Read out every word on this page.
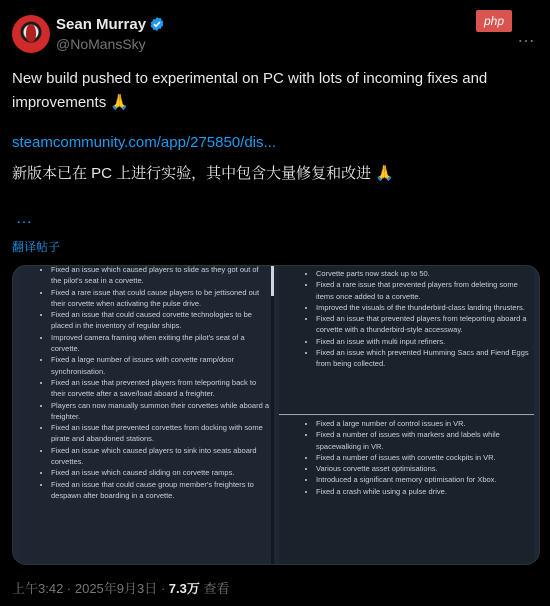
Sean Murray
@NoMansSky
php
…
New build pushed to experimental on PC with lots of incoming fixes and improvements 🙏
steamcommunity.com/app/275850/dis...
新版本已在 PC 上进行实验，其中包含大量修复和改进 🙏
…
翻译帖子
• Fixed an issue which caused players to slide as they got out of the pilot's seat in a corvette.
• Fixed a rare issue that could cause players to be jettisoned out their corvette when activating the pulse drive.
• Fixed an issue that could caused corvette technologies to be placed in the inventory of regular ships.
• Improved camera framing when exiting the pilot's seat of a corvette.
• Fixed a large number of issues with corvette ramp/door synchronisation.
• Fixed an issue that prevented players from teleporting back to their corvette after a save/load aboard a freighter.
• Players can now manually summon their corvettes while aboard a freighter.
• Fixed an issue that prevented corvettes from docking with some pirate and abandoned stations.
• Fixed an issue which caused players to sink into seats aboard corvettes.
• Fixed an issue which caused sliding on corvette ramps.
• Fixed an issue that could cause group member's freighters to despawn after boarding in a corvette.
• Corvette parts now stack up to 50.
• Fixed a rare issue that prevented players from deleting some items once added to a corvette.
• Improved the visuals of the thunderbird-class landing thrusters.
• Fixed an issue that prevented players from teleporting aboard a corvette with a thunderbird-style accessway.
• Fixed an issue with multi input refiners.
• Fixed an issue which prevented Humming Sacs and Fiend Eggs from being collected.
• Fixed a large number of control issues in VR.
• Fixed a number of issues with markers and labels while spacewalking in VR.
• Fixed a number of issues with corvette cockpits in VR.
• Various corvette asset optimisations.
• Introduced a significant memory optimisation for Xbox.
• Fixed a crash while using a pulse drive.
上午3:42 · 2025年9月3日 · 7.3万 查看
